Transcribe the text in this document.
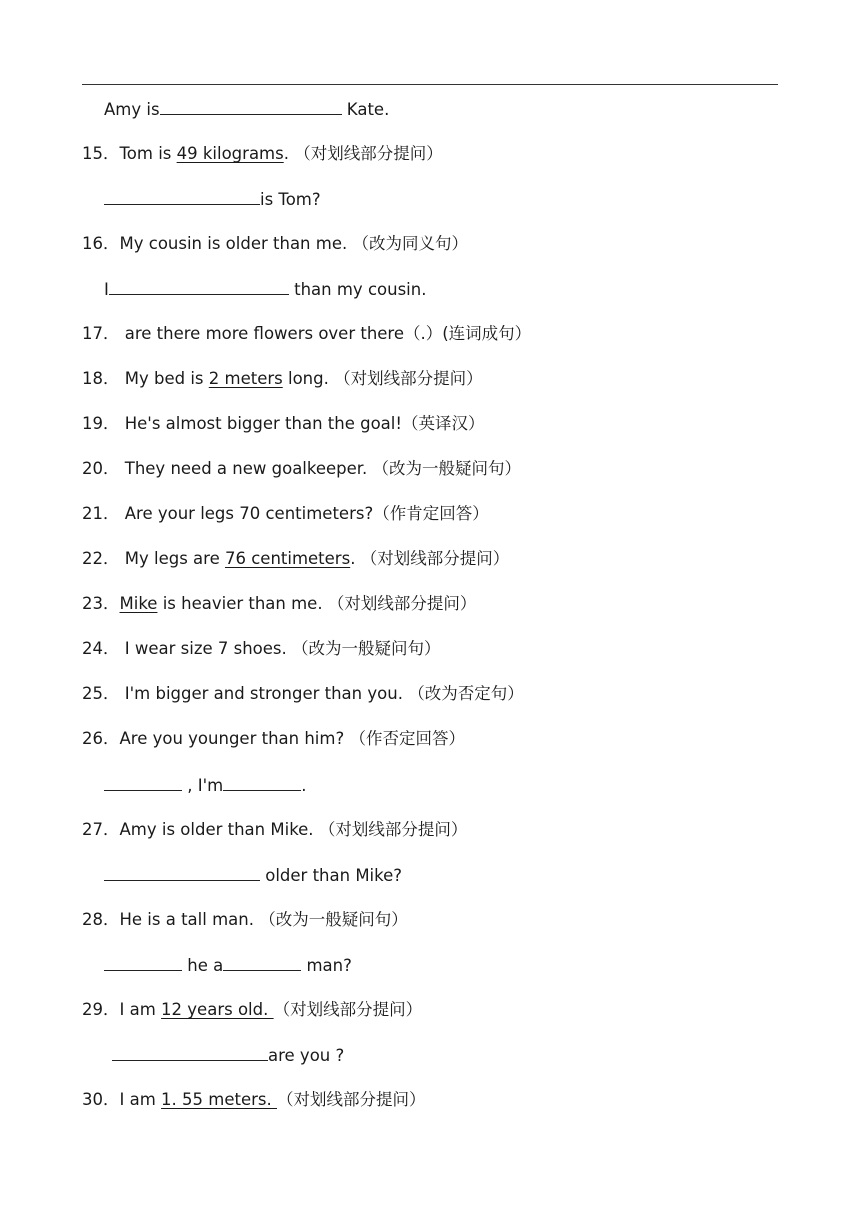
Amy is	Kate.
15．Tom is 49 kilograms. （对划线部分提问）
is Tom?
16．My cousin is older than me. （改为同义句）
I	than my cousin.
17． are there more flowers over there（.）(连词成句）
18． My bed is 2 meters long. （对划线部分提问）
19． He's almost bigger than the goal!（英译汉）
20． They need a new goalkeeper. （改为一般疑问句）
21． Are your legs 70 centimeters?（作肯定回答）
22． My legs are 76 centimeters. （对划线部分提问）
23．Mike is heavier than me. （对划线部分提问）
24． I wear size 7 shoes. （改为一般疑问句）
25． I'm bigger and stronger than you. （改为否定句）
26．Are you younger than him? （作否定回答）
, I'm	.
27．Amy is older than Mike. （对划线部分提问）
older than Mike?
28．He is a tall man. （改为一般疑问句）
he a	man?
29．I am 12 years old. （对划线部分提问）
are you ?
30．I am 1. 55 meters. （对划线部分提问）
